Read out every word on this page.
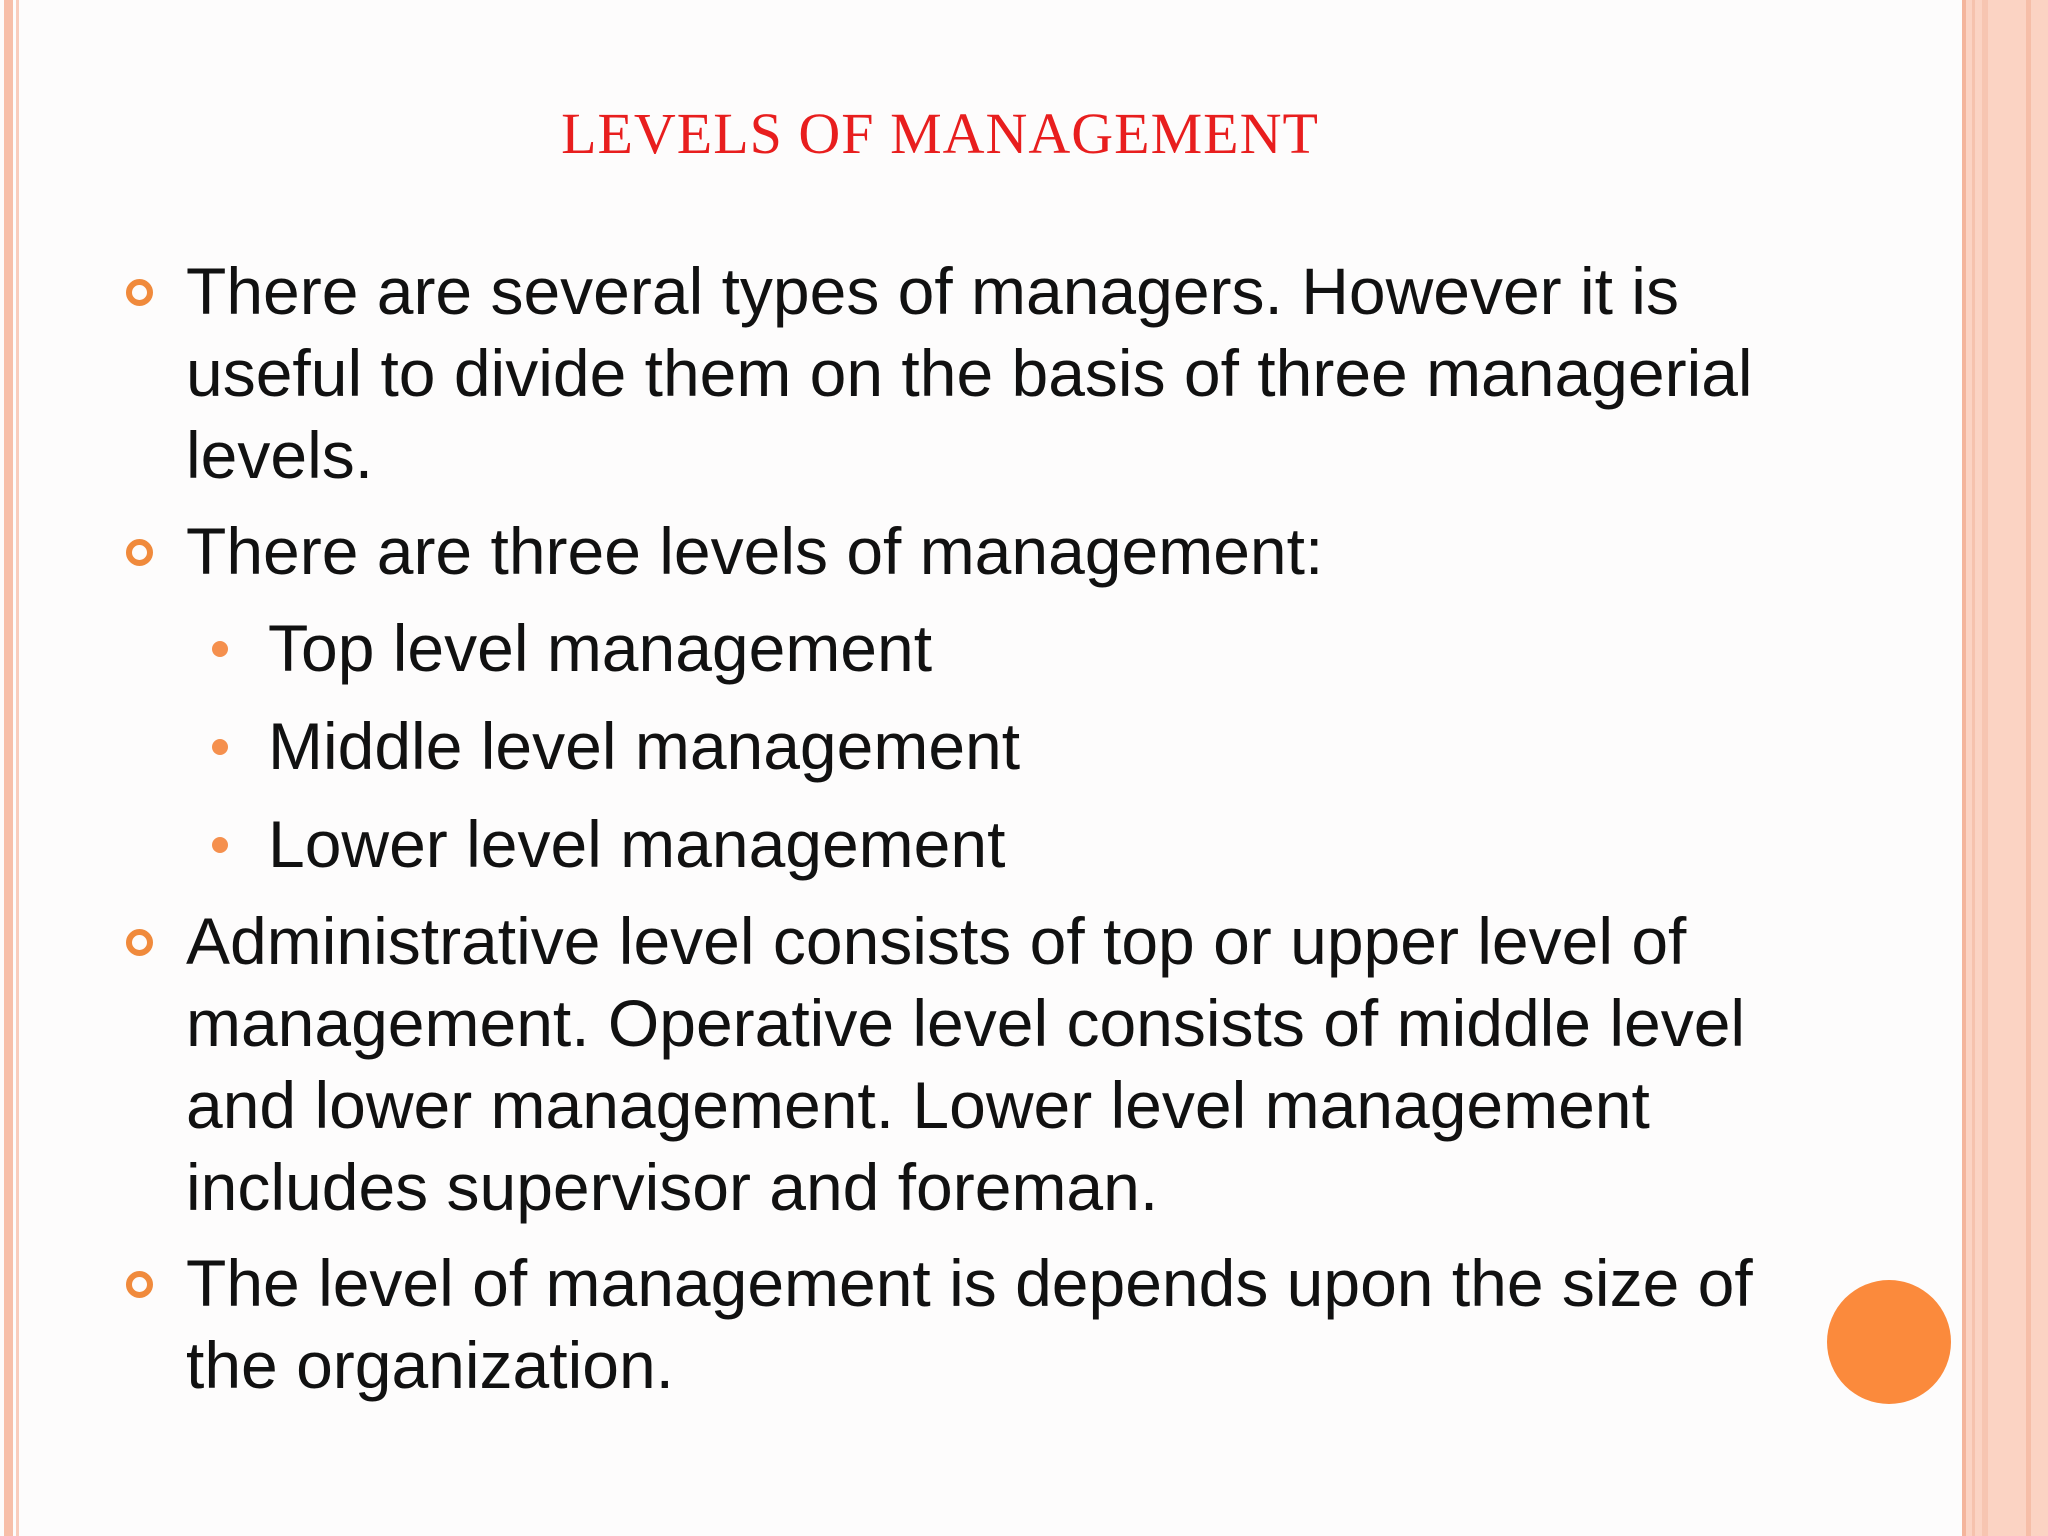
LEVELS OF MANAGEMENT
There are several types of managers. However it is useful to divide them on the basis of three managerial levels.
There are three levels of management:
Top level management
Middle level management
Lower level management
Administrative level consists of top or upper level of management. Operative level consists of middle level and lower management. Lower level management includes supervisor and foreman.
The level of management is depends upon the size of the organization.
